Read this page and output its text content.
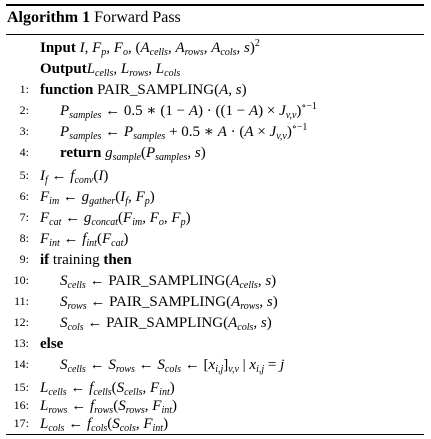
Algorithm 1 Forward Pass
Input I, $F_p$, $F_o$, ($A_{cells}$, $A_{rows}$, $A_{cols}$, s)$^2$
OutputL$_{cells}$, $L_{rows}$, $L_{cols}$
1: function PAIR_SAMPLING(A, s)
2: $P_{samples}$ ← 0.5 ∗ $(1 - A) \cdot ((1 - A) \times J_{v,v})^{\circ-1}$
3: $P_{samples}$ ← $P_{samples} + 0.5$ ∗ $A \cdot (A \times J_{v,v})^{\circ-1}$
4: return $g_{sample}(P_{samples}$, s)
5: $I_f$ ← $f_{conv}(I)$
6: $F_{im}$ ← $g_{gather}(I_f$, $F_p$)
7: $F_{cat}$ ← $g_{concat}(F_{im}$, $F_o$, $F_p$)
8: $F_{int}$ ← $f_{int}(F_{cat})$
9: if training then
10: $S_{cells}$ ← $PAIR\_SAMPLING(A_{cells}$, s)
11: $S_{rows}$ ← $PAIR\_SAMPLING(A_{rows}$, s)
12: $S_{cols}$ ← $PAIR\_SAMPLING(A_{cols}$, s)
13: else
14: $S_{cells}$ ← $S_{rows}$ ← $S_{cols}$ ← $[x_{i,j}]_{v,v}$ | $x_{i,j} = j$
15: $L_{cells}$ ← $f_{cells}(S_{cells}$, $F_{int}$)
16: $L_{rows}$ ← $f_{rows}(S_{rows}$, $F_{int}$)
17: $L_{cols}$ ← $f_{cols}(S_{cols}$, $F_{int}$)
